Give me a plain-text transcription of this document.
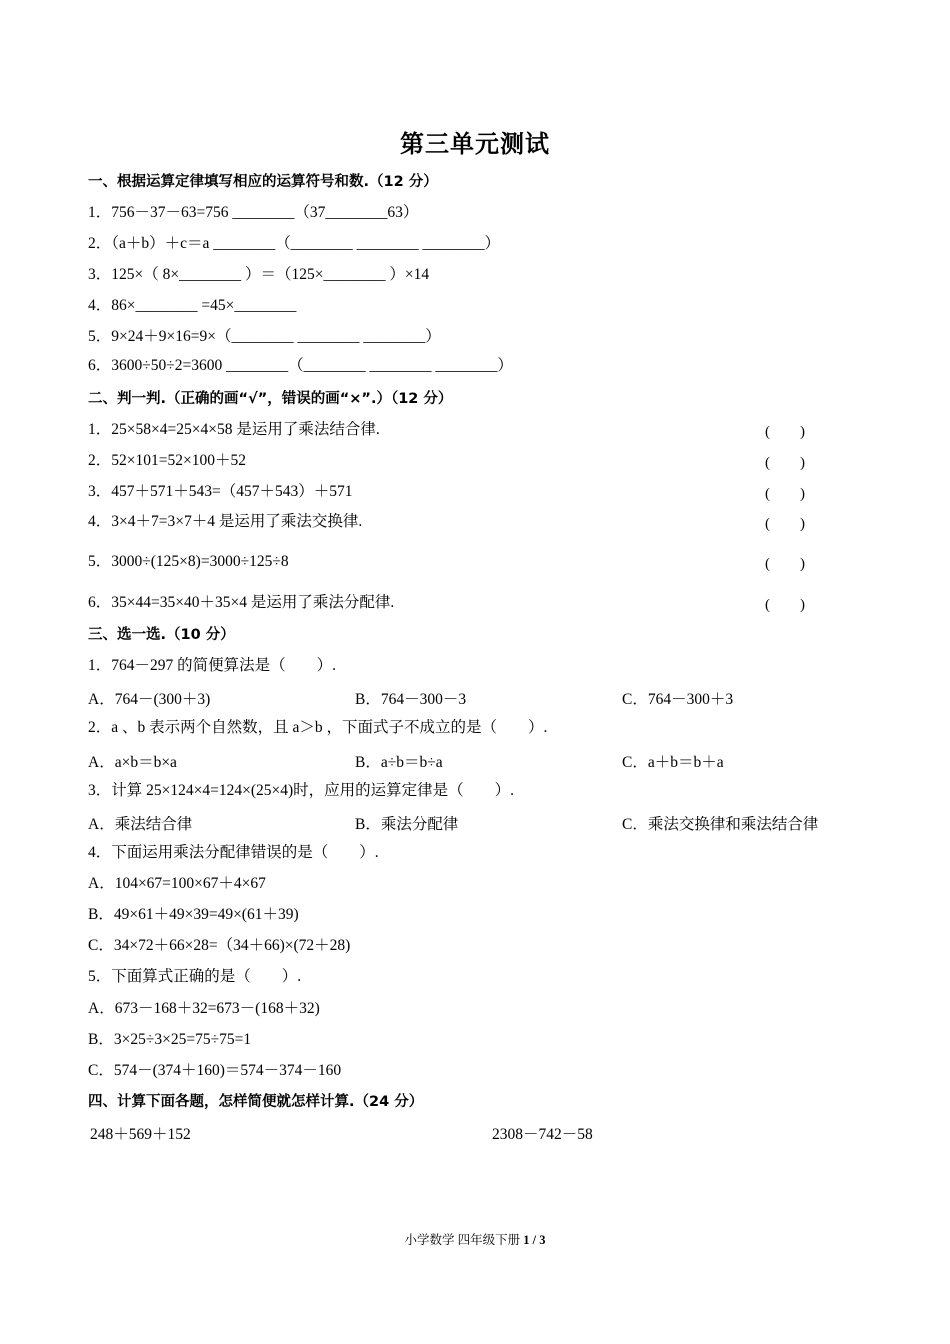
第三单元测试
一、根据运算定律填写相应的运算符号和数.（12 分）
1．756－37－63=756 ________（37________63）
2．（a＋b）＋c＝a ________（________ ________ ________）
3．125×（ 8×________ ）＝（125×________ ）×14
4．86×________ =45×________
5．9×24＋9×16=9×（________ ________ ________）
6．3600÷50÷2=3600 ________（________ ________ ________）
二、判一判.（正确的画“√”，错误的画“×”.）（12 分）
1．25×58×4=25×4×58 是运用了乘法结合律.	(　　)
2．52×101=52×100＋52	(　　)
3．457＋571＋543=（457＋543）＋571	(　　)
4．3×4＋7=3×7＋4 是运用了乘法交换律.	(　　)
5．3000÷(125×8)=3000÷125÷8	(　　)
6．35×44=35×40＋35×4 是运用了乘法分配律.	(　　)
三、选一选.（10 分）
1．764－297 的简便算法是（　　）.
A．764－(300＋3)	B．764－300－3	C．764－300＋3
2．a 、b 表示两个自然数，且 a＞b ，下面式子不成立的是（　　）.
A．a×b＝b×a	B．a÷b＝b÷a	C．a＋b＝b＋a
3．计算 25×124×4=124×(25×4)时，应用的运算定律是（　　）.
A．乘法结合律	B．乘法分配律	C．乘法交换律和乘法结合律
4．下面运用乘法分配律错误的是（　　）.
A．104×67=100×67＋4×67
B．49×61＋49×39=49×(61＋39)
C．34×72＋66×28=（34＋66)×(72＋28)
5．下面算式正确的是（　　）.
A．673－168＋32=673－(168＋32)
B．3×25÷3×25=75÷75=1
C．574－(374＋160)＝574－374－160
四、计算下面各题，怎样简便就怎样计算.（24 分）
248＋569＋152	2308－742－58
小学数学 四年级下册 1 / 3
